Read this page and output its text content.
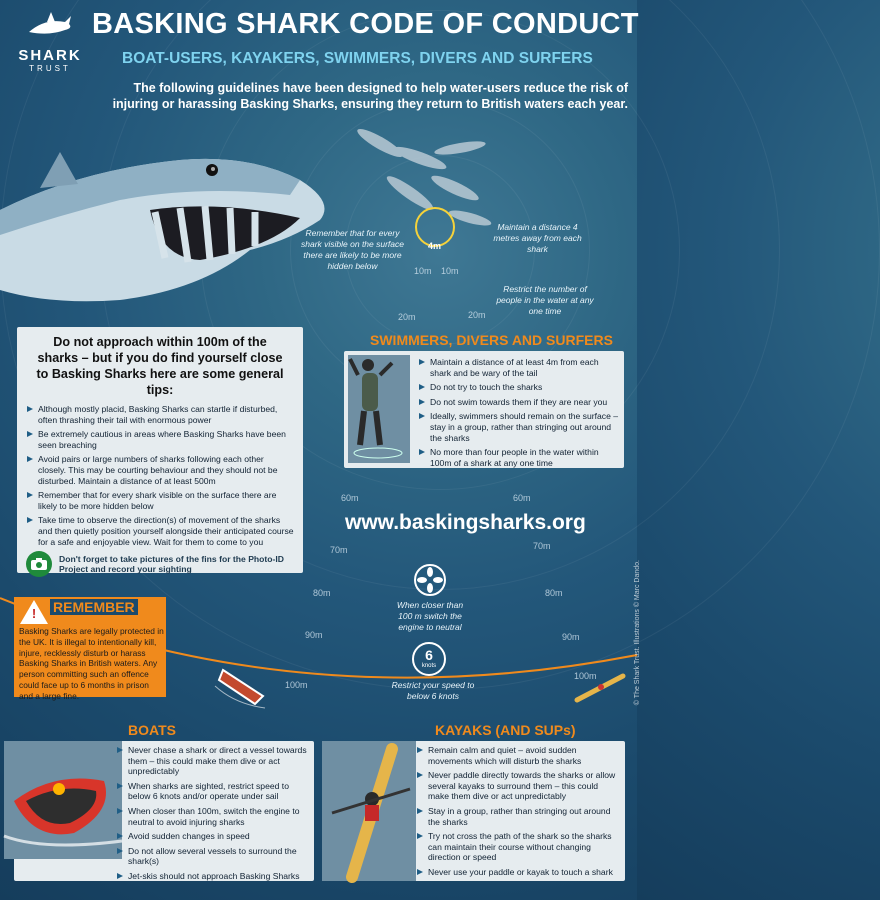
SHARK
TRUST
BASKING SHARK CODE OF CONDUCT
BOAT-USERS, KAYAKERS, SWIMMERS, DIVERS AND SURFERS
The following guidelines have been designed to help water-users reduce the risk of injuring or harassing Basking Sharks, ensuring they return to British waters each year.
4m
Remember that for every shark visible on the surface there are likely to be more hidden below
Maintain a distance 4 metres away from each shark
Restrict the number of people in the water at any one time
10m 10m
20m	20m
60m	60m
70m	70m
80m	80m
90m	90m
100m
100m
When closer than 100 m switch the engine to neutral
6
knots
Restrict your speed to below 6 knots
Do not approach within 100m of the sharks – but if you do find yourself close to Basking Sharks here are some general tips:
Although mostly placid, Basking Sharks can startle if disturbed, often thrashing their tail with enormous power
Be extremely cautious in areas where Basking Sharks have been seen breaching
Avoid pairs or large numbers of sharks following each other closely. This may be courting behaviour and they should not be disturbed. Maintain a distance of at least 500m
Remember that for every shark visible on the surface there are likely to be more hidden below
Take time to observe the direction(s) of movement of the sharks and then quietly position yourself alongside their anticipated course for a safe and enjoyable view. Wait for them to come to you
Don't forget to take pictures of the fins for the Photo-ID Project and record your sighting
SWIMMERS, DIVERS AND SURFERS
Maintain a distance of at least 4m from each shark and be wary of the tail
Do not try to touch the sharks
Do not swim towards them if they are near you
Ideally, swimmers should remain on the surface – stay in a group, rather than stringing out around the sharks
No more than four people in the water within 100m of a shark at any one time
www.baskingsharks.org
!	REMEMBER
Basking Sharks are legally protected in the UK. It is illegal to intentionally kill, injure, recklessly disturb or harass Basking Sharks in British waters. Any person committing such an offence could face up to 6 months in prison and a large fine.
BOATS
Never chase a shark or direct a vessel towards them – this could make them dive or act unpredictably
When sharks are sighted, restrict speed to below 6 knots and/or operate under sail
When closer than 100m, switch the engine to neutral to avoid injuring sharks
Avoid sudden changes in speed
Do not allow several vessels to surround the shark(s)
Jet-skis should not approach Basking Sharks
KAYAKS (AND SUPs)
Remain calm and quiet – avoid sudden movements which will disturb the sharks
Never paddle directly towards the sharks or allow several kayaks to surround them – this could make them dive or act unpredictably
Stay in a group, rather than stringing out around the sharks
Try not cross the path of the shark so the sharks can maintain their course without changing direction or speed
Never use your paddle or kayak to touch a shark
© The Shark Trust. Illustrations © Marc Dando.
